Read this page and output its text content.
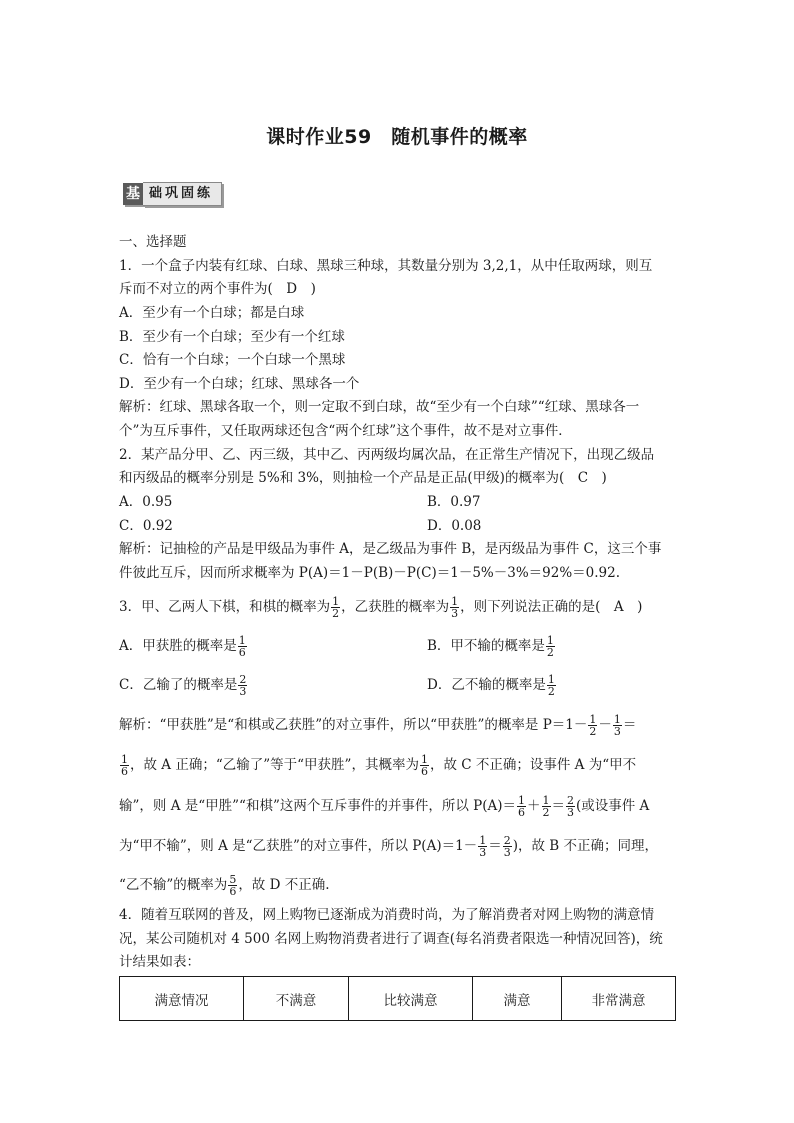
课时作业59　随机事件的概率
基 础巩固练
一、选择题
1．一个盒子内装有红球、白球、黑球三种球，其数量分别为 3,2,1，从中任取两球，则互
斥而不对立的两个事件为(　D　)
A．至少有一个白球；都是白球
B．至少有一个白球；至少有一个红球
C．恰有一个白球；一个白球一个黑球
D．至少有一个白球；红球、黑球各一个
解析：红球、黑球各取一个，则一定取不到白球，故“至少有一个白球”“红球、黑球各一
个”为互斥事件，又任取两球还包含“两个红球”这个事件，故不是对立事件．
2．某产品分甲、乙、丙三级，其中乙、丙两级均属次品，在正常生产情况下，出现乙级品
和丙级品的概率分别是 5%和 3%，则抽检一个产品是正品(甲级)的概率为(　C　)
A．0.95	B．0.97
C．0.92	D．0.08
解析：记抽检的产品是甲级品为事件 A，是乙级品为事件 B，是丙级品为事件 C，这三个事
件彼此互斥，因而所求概率为 P(A)＝1－P(B)－P(C)＝1－5%－3%＝92%＝0.92.
3．甲、乙两人下棋，和棋的概率为 $\frac{1}{2}$ ，乙获胜的概率为 $\frac{1}{3}$ ，则下列说法正确的是(　A　)
A．甲获胜的概率是 $\frac{1}{6}$	B．甲不输的概率是 $\frac{1}{2}$
C．乙输了的概率是 $\frac{2}{3}$	D．乙不输的概率是 $\frac{1}{2}$
解析：“甲获胜”是“和棋或乙获胜”的对立事件，所以“甲获胜”的概率是 $P=1- \frac{1}{2} - \frac{1}{3}$ ＝
$\frac{1}{6}$ ，故 A 正确；“乙输了”等于“甲获胜”，其概率为 $\frac{1}{6}$ ，故 C 不正确；设事件 A 为“甲不
输”，则 A 是“甲胜”“和棋”这两个互斥事件的并事件，所以 $P(A)= \frac{1}{6} + \frac{1}{2} = \frac{2}{3}$ (或设事件 A
为“甲不输”，则 A 是“乙获胜”的对立事件，所以 $P(A)=1- \frac{1}{3} = \frac{2}{3}$ )，故 B 不正确；同理，
“乙不输”的概率为 $\frac{5}{6}$ ，故 D 不正确.
4．随着互联网的普及，网上购物已逐渐成为消费时尚，为了解消费者对网上购物的满意情
况，某公司随机对 4 500 名网上购物消费者进行了调查(每名消费者限选一种情况回答)，统
计结果如表：
满意情况	不满意	比较满意	满意	非常满意
